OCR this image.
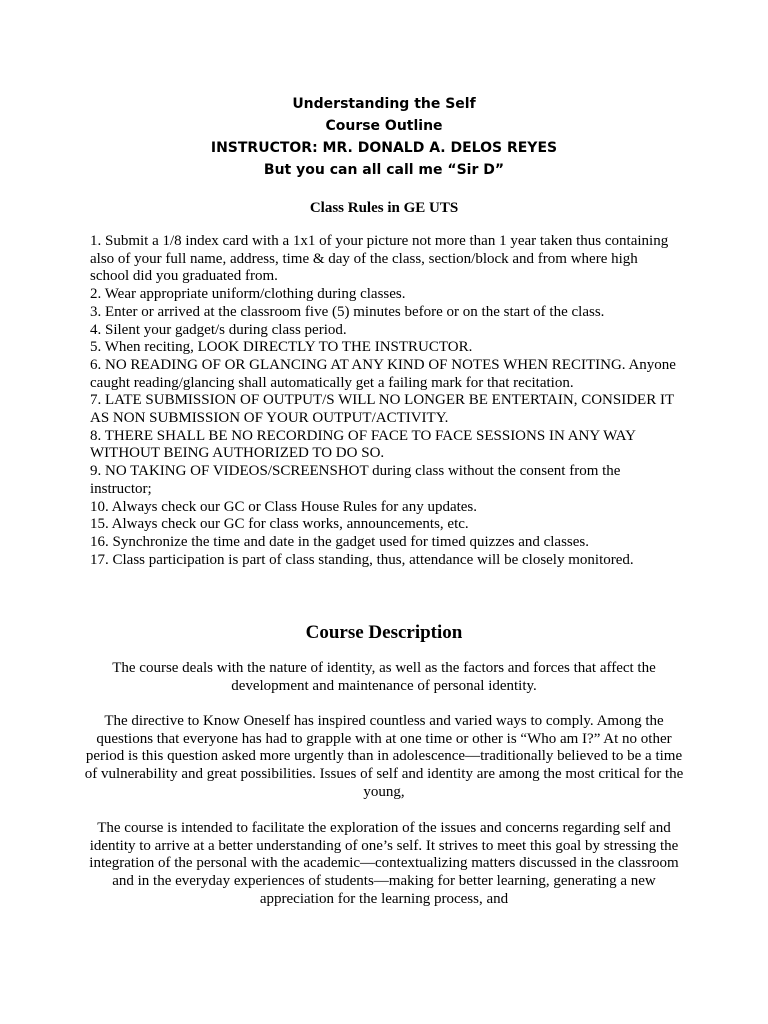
Understanding the Self
Course Outline
INSTRUCTOR: MR. DONALD A. DELOS REYES
But you can all call me “Sir D”
Class Rules in GE UTS

1. Submit a 1/8 index card with a 1x1 of your picture not more than 1 year taken thus containing also of your full name, address, time & day of the class, section/block and from where high school did you graduated from.

2. Wear appropriate uniform/clothing during classes.

3. Enter or arrived at the classroom five (5) minutes before or on the start of the class.

4. Silent your gadget/s during class period.

5. When reciting, LOOK DIRECTLY TO THE INSTRUCTOR.

6. NO READING OF OR GLANCING AT ANY KIND OF NOTES WHEN RECITING. Anyone caught reading/glancing shall automatically get a failing mark for that recitation.

7. LATE SUBMISSION OF OUTPUT/S WILL NO LONGER BE ENTERTAIN, CONSIDER IT AS NON SUBMISSION OF YOUR OUTPUT/ACTIVITY.

8. THERE SHALL BE NO RECORDING OF FACE TO FACE SESSIONS IN ANY WAY WITHOUT BEING AUTHORIZED TO DO SO.

9. NO TAKING OF VIDEOS/SCREENSHOT during class without the consent from the instructor;

10. Always check our GC or Class House Rules for any updates.

15. Always check our GC for class works, announcements, etc.

16. Synchronize the time and date in the gadget used for timed quizzes and classes.

17. Class participation is part of class standing, thus, attendance will be closely monitored.

Course Description

The course deals with the nature of identity, as well as the factors and forces that affect the development and maintenance of personal identity.

The directive to Know Oneself has inspired countless and varied ways to comply. Among the questions that everyone has had to grapple with at one time or other is “Who am I?” At no other period is this question asked more urgently than in adolescence—traditionally believed to be a time of vulnerability and great possibilities. Issues of self and identity are among the most critical for the young,

The course is intended to facilitate the exploration of the issues and concerns regarding self and identity to arrive at a better understanding of one’s self. It strives to meet this goal by stressing the integration of the personal with the academic—contextualizing matters discussed in the classroom and in the everyday experiences of students—making for better learning, generating a new appreciation for the learning process, and
